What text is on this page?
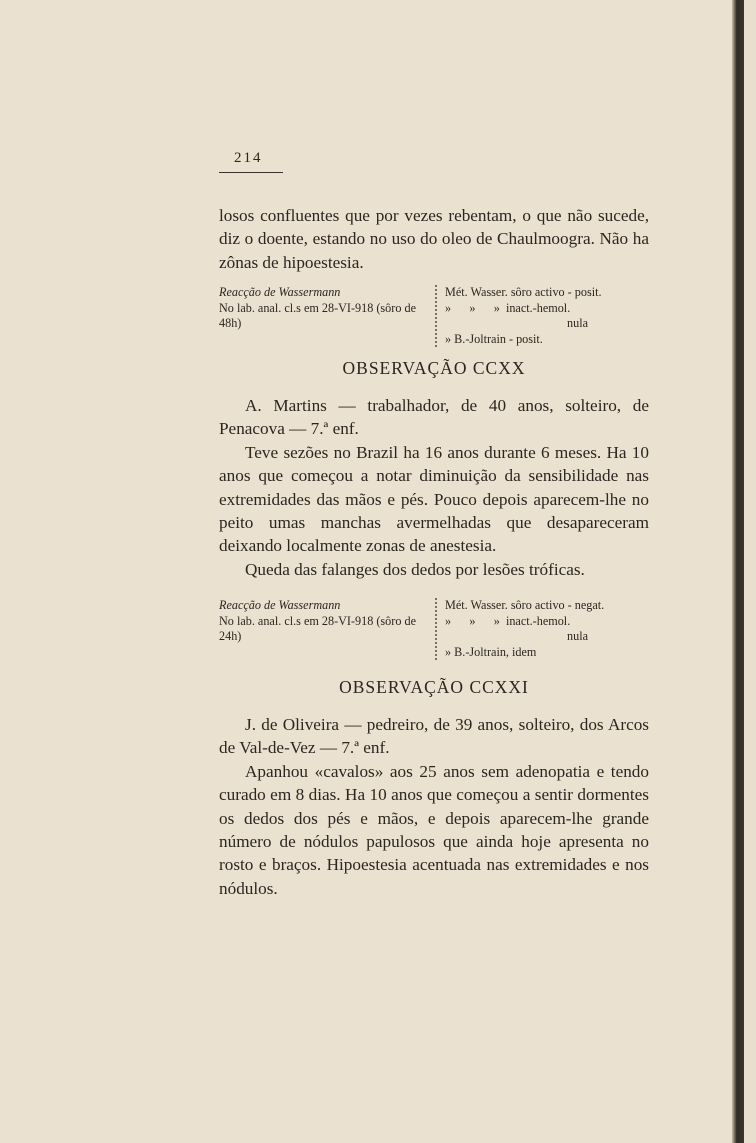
214

losos confluentes que por vezes rebentam, o que não sucede, diz o doente, estando no uso do oleo de Chaulmoogra. Não ha zônas de hipoestesia.

Reacção de Wassermann
No lab. anal. cl.s em 28-VI-918 (sôro de 48h)
Mét. Wasser. sôro activo - posit.
»      »      »  inact.-hemol.
nula
» B.-Joltrain - posit.
OBSERVAÇÃO CCXX

A. Martins — trabalhador, de 40 anos, solteiro, de Penacova — 7.ª enf.

Teve sezões no Brazil ha 16 anos durante 6 meses. Ha 10 anos que começou a notar diminuição da sensibilidade nas extremidades das mãos e pés. Pouco depois aparecem-lhe no peito umas manchas avermelhadas que desapareceram deixando localmente zonas de anestesia.

Queda das falanges dos dedos por lesões tróficas.

Reacção de Wassermann
No lab. anal. cl.s em 28-VI-918 (sôro de 24h)
Mét. Wasser. sôro activo - negat.
»      »      »  inact.-hemol.
nula
» B.-Joltrain, idem
OBSERVAÇÃO CCXXI

J. de Oliveira — pedreiro, de 39 anos, solteiro, dos Arcos de Val-de-Vez — 7.ª enf.

Apanhou «cavalos» aos 25 anos sem adenopatia e tendo curado em 8 dias. Ha 10 anos que começou a sentir dormentes os dedos dos pés e mãos, e depois aparecem-lhe grande número de nódulos papulosos que ainda hoje apresenta no rosto e braços. Hipoestesia acentuada nas extremidades e nos nódulos.
